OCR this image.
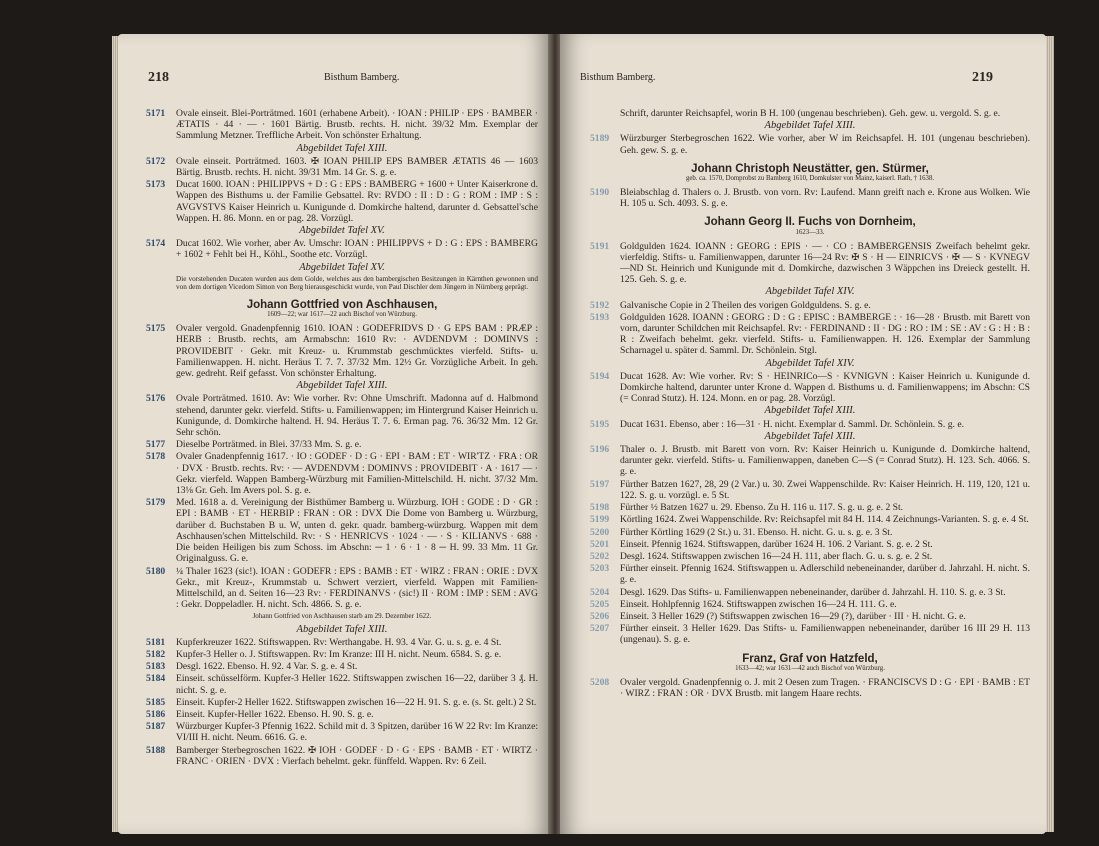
218	Bisthum Bamberg.
5171 Ovale einseit. Blei-Porträtmed. 1601 (erhabene Arbeit). · IOAN : PHILIP · EPS · BAMBER · ÆTATIS · 44 · — · 1601 Bärtig. Brustb. rechts. H. nicht. 39/32 Mm. Exemplar der Sammlung Metzner. Treffliche Arbeit. Von schönster Erhaltung.
Abgebildet Tafel XIII.
5172 Ovale einseit. Porträtmed. 1603. ✠ IOAN PHILIP EPS BAMBER ÆTATIS 46 — 1603 Bärtig. Brustb. rechts. H. nicht. 39/31 Mm. 14 Gr. S. g. e.
5173 Ducat 1600. IOAN : PHILIPPVS + D : G : EPS : BAMBERG + 1600 + Unter Kaiserkrone d. Wappen des Bisthums u. der Familie Gebsattel. Rv: RVDO : II : D : G : ROM : IMP : S : AVGVSTVS Kaiser Heinrich u. Kunigunde d. Domkirche haltend, darunter d. Gebsattel'sche Wappen. H. 86. Monn. en or pag. 28. Vorzügl.
Abgebildet Tafel XV.
5174 Ducat 1602. Wie vorher, aber Av. Umschr: IOAN : PHILIPPVS + D : G : EPS : BAMBERG + 1602 + Fehlt bei H., Köhl., Soothe etc. Vorzügl.
Abgebildet Tafel XV.
Die vorstehenden Ducaten wurden aus dem Golde, welches aus den bambergischen Besitzungen in Kärnthen gewonnen und von dem dortigen Vicedom Simon von Berg hierausgeschickt wurde, von Paul Dischler dem Jüngern in Nürnberg geprägt.
Johann Gottfried von Aschhausen,
1609—22; war 1617—22 auch Bischof von Würzburg.
5175 Ovaler vergold. Gnadenpfennig 1610. IOAN : GODEFRIDVS D · G EPS BAM : PRÆP : HERB : Brustb. rechts, am Armabschn: 1610 Rv: · AVDENDVM : DOMINVS : PROVIDEBIT · Gekr. mit Kreuz- u. Krummstab geschmücktes vierfeld. Stifts- u. Familienwappen. H. nicht. Heräus T. 7. 7. 37/32 Mm. 12½ Gr. Vorzügliche Arbeit. In geh. gew. gedreht. Reif gefasst. Von schönster Erhaltung.
Abgebildet Tafel XIII.
5176 Ovale Porträtmed. 1610. Av: Wie vorher. Rv: Ohne Umschrift. Madonna auf d. Halbmond stehend, darunter gekr. vierfeld. Stifts- u. Familienwappen; im Hintergrund Kaiser Heinrich u. Kunigunde, d. Domkirche haltend. H. 94. Heräus T. 7. 6. Erman pag. 76. 36/32 Mm. 12 Gr. Sehr schön.
5177 Dieselbe Porträtmed. in Blei. 37/33 Mm. S. g. e.
5178 Ovaler Gnadenpfennig 1617. · IO : GODEF · D : G · EPI · BAM : ET · WIR'TZ · FRA : OR · DVX · Brustb. rechts. Rv: · — AVDENDVM : DOMINVS : PROVIDEBIT · A · 1617 — · Gekr. vierfeld. Wappen Bamberg-Würzburg mit Familien-Mittelschild. H. nicht. 37/32 Mm. 13⅛ Gr. Geh. Im Avers pol. S. g. e.
5179 Med. 1618 a. d. Vereinigung der Bisthümer Bamberg u. Würzburg. IOH : GODE : D · GR : EPI : BAMB · ET · HERBIP : FRAN : OR : DVX Die Dome von Bamberg u. Würzburg, darüber d. Buchstaben B u. W, unten d. gekr. quadr. bamberg-würzburg. Wappen mit dem Aschhausen'schen Mittelschild. Rv: · S · HENRICVS · 1024 · — · S · KILIANVS · 688 · Die beiden Heiligen bis zum Schoss. im Abschn: ─ 1 · 6 · 1 · 8 ─ H. 99. 33 Mm. 11 Gr. Originalguss. G. e.
5180 ¼ Thaler 1623 (sic!). IOAN : GODEFR : EPS : BAMB : ET · WIRZ : FRAN : ORIE : DVX Gekr., mit Kreuz-, Krummstab u. Schwert verziert, vierfeld. Wappen mit Familien-Mittelschild, an d. Seiten 16—23 Rv: · FERDINANVS · (sic!) II · ROM : IMP : SEM : AVG : Gekr. Doppeladler. H. nicht. Sch. 4866. S. g. e.
Johann Gottfried von Aschhausen starb am 29. Dezember 1622.
Abgebildet Tafel XIII.
5181 Kupferkreuzer 1622. Stiftswappen. Rv: Werthangabe. H. 93. 4 Var. G. u. s. g. e. 4 St.
5182 Kupfer-3 Heller o. J. Stiftswappen. Rv: Im Kranze: III H. nicht. Neum. 6584. S. g. e.
5183 Desgl. 1622. Ebenso. H. 92. 4 Var. S. g. e. 4 St.
5184 Einseit. schüsselförm. Kupfer-3 Heller 1622. Stiftswappen zwischen 16—22, darüber 3 ₰. H. nicht. S. g. e.
5185 Einseit. Kupfer-2 Heller 1622. Stiftswappen zwischen 16—22 H. 91. S. g. e. (s. St. gelt.) 2 St.
5186 Einseit. Kupfer-Heller 1622. Ebenso. H. 90. S. g. e.
5187 Würzburger Kupfer-3 Pfennig 1622. Schild mit d. 3 Spitzen, darüber 16 W 22 Rv: Im Kranze: VI/III H. nicht. Neum. 6616. G. e.
5188 Bamberger Sterbegroschen 1622. ✠ IOH · GODEF · D · G · EPS · BAMB · ET · WIRTZ · FRANC · ORIEN · DVX : Vierfach behelmt. gekr. fünffeld. Wappen. Rv: 6 Zeil.
Bisthum Bamberg.	219
Schrift, darunter Reichsapfel, worin B H. 100 (ungenau beschrieben). Geh. gew. u. vergold. S. g. e.
Abgebildet Tafel XIII.
5189 Würzburger Sterbegroschen 1622. Wie vorher, aber W im Reichsapfel. H. 101 (ungenau beschrieben). Geh. gew. S. g. e.
Johann Christoph Neustätter, gen. Stürmer,
geb. ca. 1570, Domprobst zu Bamberg 1610, Domkulster von Mainz, kaiserl. Rath, † 1638.
5190 Bleiabschlag d. Thalers o. J. Brustb. von vorn. Rv: Laufend. Mann greift nach e. Krone aus Wolken. Wie H. 105 u. Sch. 4093. S. g. e.
Johann Georg II. Fuchs von Dornheim,
1623—33.
5191 Goldgulden 1624. IOANN : GEORG : EPIS · — · CO : BAMBERGENSIS Zweifach behelmt gekr. vierfeldig. Stifts- u. Familienwappen, darunter 16—24 Rv: ✠ S · H — EINRICVS · ✠ — S · KVNEGV—ND St. Heinrich und Kunigunde mit d. Domkirche, dazwischen 3 Wäppchen ins Dreieck gestellt. H. 125. Geh. S. g. e.
Abgebildet Tafel XIV.
5192 Galvanische Copie in 2 Theilen des vorigen Goldguldens. S. g. e.
5193 Goldgulden 1628. IOANN : GEORG : D : G : EPISC : BAMBERGE : · 16—28 · Brustb. mit Barett von vorn, darunter Schildchen mit Reichsapfel. Rv: · FERDINAND : II · DG : RO : IM : SE : AV : G : H : B : R : Zweifach behelmt. gekr. vierfeld. Stifts- u. Familienwappen. H. 126. Exemplar der Sammlung Scharnagel u. später d. Samml. Dr. Schönlein. Stgl.
Abgebildet Tafel XIV.
5194 Ducat 1628. Av: Wie vorher. Rv: S · HEINRICo—S · KVNIGVN : Kaiser Heinrich u. Kunigunde d. Domkirche haltend, darunter unter Krone d. Wappen d. Bisthums u. d. Familienwappens; im Abschn: CS (= Conrad Stutz). H. 124. Monn. en or pag. 28. Vorzügl.
Abgebildet Tafel XIII.
5195 Ducat 1631. Ebenso, aber : 16—31 · H. nicht. Exemplar d. Samml. Dr. Schönlein. S. g. e.
Abgebildet Tafel XIII.
5196 Thaler o. J. Brustb. mit Barett von vorn. Rv: Kaiser Heinrich u. Kunigunde d. Domkirche haltend, darunter gekr. vierfeld. Stifts- u. Familienwappen, daneben C—S (= Conrad Stutz). H. 123. Sch. 4066. S. g. e.
5197 Fürther Batzen 1627, 28, 29 (2 Var.) u. 30. Zwei Wappenschilde. Rv: Kaiser Heinrich. H. 119, 120, 121 u. 122. S. g. u. vorzügl. e. 5 St.
5198 Fürther ½ Batzen 1627 u. 29. Ebenso. Zu H. 116 u. 117. S. g. u. g. e. 2 St.
5199 Körtling 1624. Zwei Wappenschilde. Rv: Reichsapfel mit 84 H. 114. 4 Zeichnungs-Varianten. S. g. e. 4 St.
5200 Fürther Körtling 1629 (2 St.) u. 31. Ebenso. H. nicht. G. u. s. g. e. 3 St.
5201 Einseit. Pfennig 1624. Stiftswappen, darüber 1624 H. 106. 2 Variant. S. g. e. 2 St.
5202 Desgl. 1624. Stiftswappen zwischen 16—24 H. 111, aber flach. G. u. s. g. e. 2 St.
5203 Fürther einseit. Pfennig 1624. Stiftswappen u. Adlerschild nebeneinander, darüber d. Jahrzahl. H. nicht. S. g. e.
5204 Desgl. 1629. Das Stifts- u. Familienwappen nebeneinander, darüber d. Jahrzahl. H. 110. S. g. e. 3 St.
5205 Einseit. Hohlpfennig 1624. Stiftswappen zwischen 16—24 H. 111. G. e.
5206 Einseit. 3 Heller 1629 (?) Stiftswappen zwischen 16—29 (?), darüber · III · H. nicht. G. e.
5207 Fürther einseit. 3 Heller 1629. Das Stifts- u. Familienwappen nebeneinander, darüber 16 III 29 H. 113 (ungenau). S. g. e.
Franz, Graf von Hatzfeld,
1633—42; war 1631—42 auch Bischof von Würzburg.
5208 Ovaler vergold. Gnadenpfennig o. J. mit 2 Oesen zum Tragen. · FRANCISCVS D : G · EPI · BAMB : ET · WIRZ : FRAN : OR · DVX Brustb. mit langem Haare rechts.
